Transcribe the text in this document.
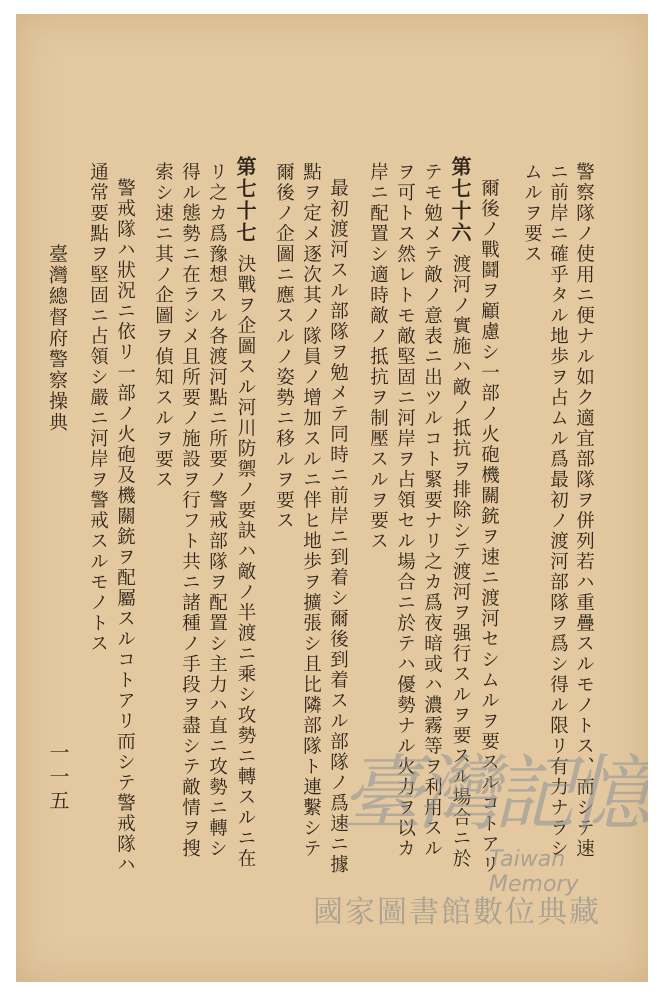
警察隊ノ使用ニ便ナル如ク適宜部隊ヲ併列若ハ重疊スルモノトス、而シテ速
ニ前岸ニ確乎タル地歩ヲ占ムル爲最初ノ渡河部隊ヲ爲シ得ル限リ有力ナラシ
ムルヲ要ス
爾後ノ戰鬪ヲ顧慮シ一部ノ火砲機關銃ヲ速ニ渡河セシムルヲ要スルコトアリ
第七十六渡河ノ實施ハ敵ノ抵抗ヲ排除シテ渡河ヲ强行スルヲ要スル場合ニ於
テモ勉メテ敵ノ意表ニ出ツルコト緊要ナリ之カ爲夜暗或ハ濃霧等ヲ利用スル
ヲ可トス然レトモ敵堅固ニ河岸ヲ占領セル場合ニ於テハ優勢ナル火力ヲ以カ
岸ニ配置シ適時敵ノ抵抗ヲ制壓スルヲ要ス
最初渡河スル部隊ヲ勉メテ同時ニ前岸ニ到着シ爾後到着スル部隊ノ爲速ニ據
點ヲ定メ逐次其ノ隊員ノ增加スルニ伴ヒ地歩ヲ擴張シ且比隣部隊ト連繫シテ
爾後ノ企圖ニ應スルノ姿勢ニ移ルヲ要ス
第七十七決戰ヲ企圖スル河川防禦ノ要訣ハ敵ノ半渡ニ乘シ攻勢ニ轉スルニ在
リ之カ爲豫想スル各渡河點ニ所要ノ警戒部隊ヲ配置シ主力ハ直ニ攻勢ニ轉シ
得ル態勢ニ在ラシメ且所要ノ施設ヲ行フト共ニ諸種ノ手段ヲ盡シテ敵情ヲ搜
索シ速ニ其ノ企圖ヲ偵知スルヲ要ス
警戒隊ハ狀況ニ依リ一部ノ火砲及機關銃ヲ配屬スルコトアリ而シテ警戒隊ハ
通常要點ヲ堅固ニ占領シ嚴ニ河岸ヲ警戒スルモノトス
臺灣總督府警察操典
一一五	臺灣記憶
Taiwan Memory
國家圖書館數位典藏
